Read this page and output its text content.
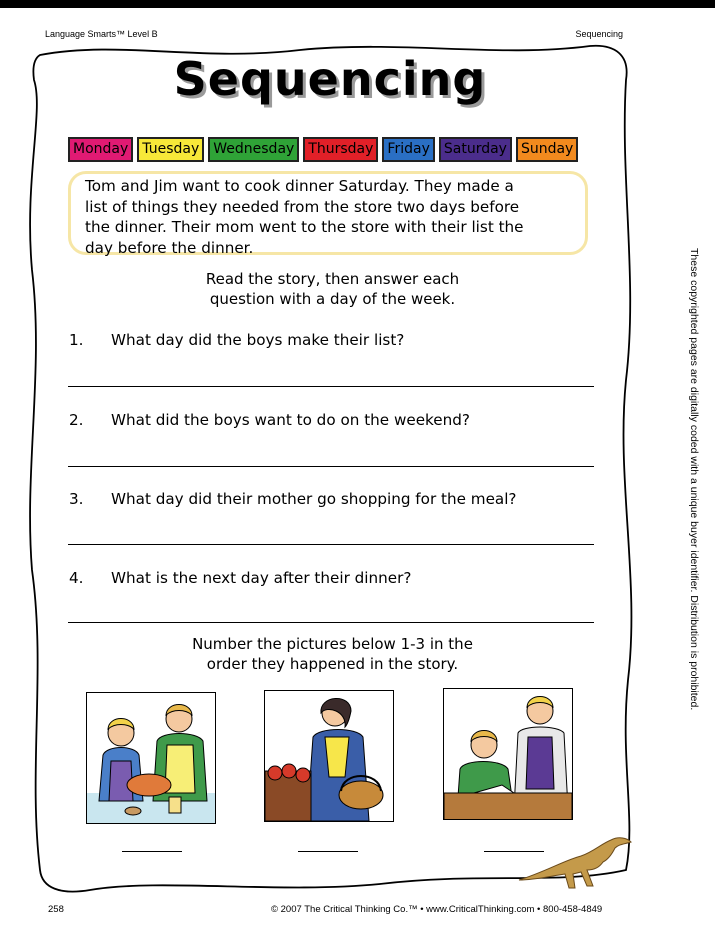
Language Smarts™ Level B	Sequencing
Sequencing
Monday	Tuesday	Wednesday	Thursday	Friday	Saturday	Sunday
Tom and Jim want to cook dinner Saturday. They made a
list of things they needed from the store two days before
the dinner. Their mom went to the store with their list the
day before the dinner.
Read the story, then answer each
question with a day of the week.
1. What day did the boys make their list?
2. What did the boys want to do on the weekend?
3. What day did their mother go shopping for the meal?
4. What is the next day after their dinner?
Number the pictures below 1-3 in the
order they happened in the story.	These copyrighted pages are digitally coded with a unique buyer identifier. Distribution is prohibited.
258	© 2007 The Critical Thinking Co.™ • www.CriticalThinking.com • 800-458-4849
